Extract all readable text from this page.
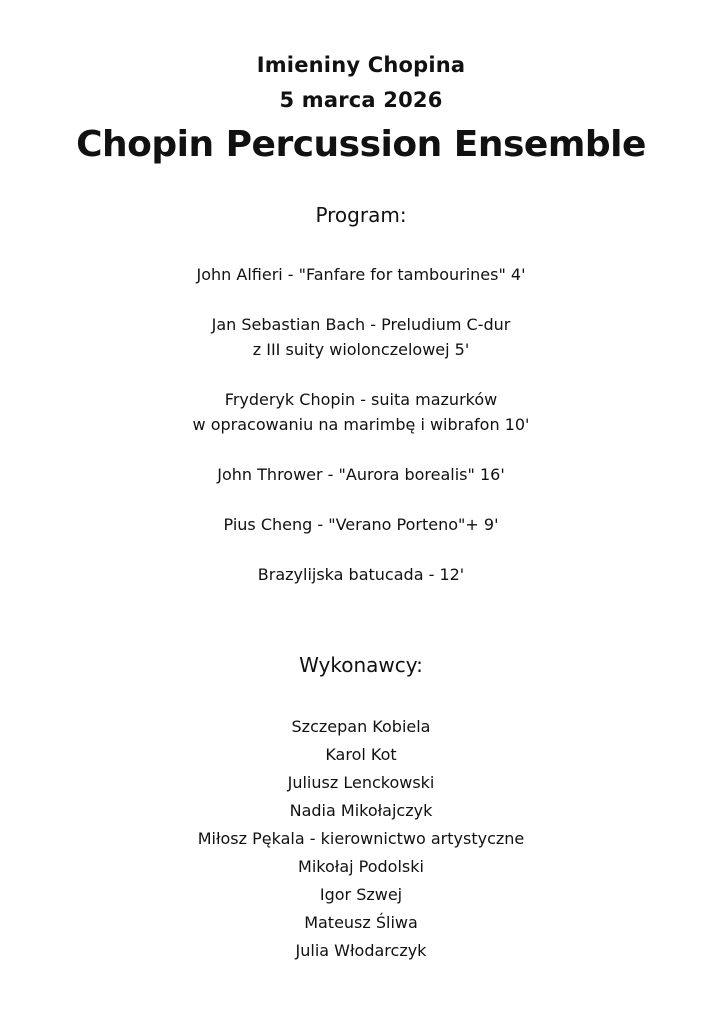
Imieniny Chopina
5 marca 2026
Chopin Percussion Ensemble
Program:
John Alfieri - "Fanfare for tambourines" 4'
Jan Sebastian Bach - Preludium C-dur
z III suity wiolonczelowej 5'
Fryderyk Chopin - suita mazurków
w opracowaniu na marimbę i wibrafon 10'
John Thrower - "Aurora borealis" 16'
Pius Cheng - "Verano Porteno"+ 9'
Brazylijska batucada - 12'
Wykonawcy:
Szczepan Kobiela
Karol Kot
Juliusz Lenckowski
Nadia Mikołajczyk
Miłosz Pękala - kierownictwo artystyczne
Mikołaj Podolski
Igor Szwej
Mateusz Śliwa
Julia Włodarczyk
